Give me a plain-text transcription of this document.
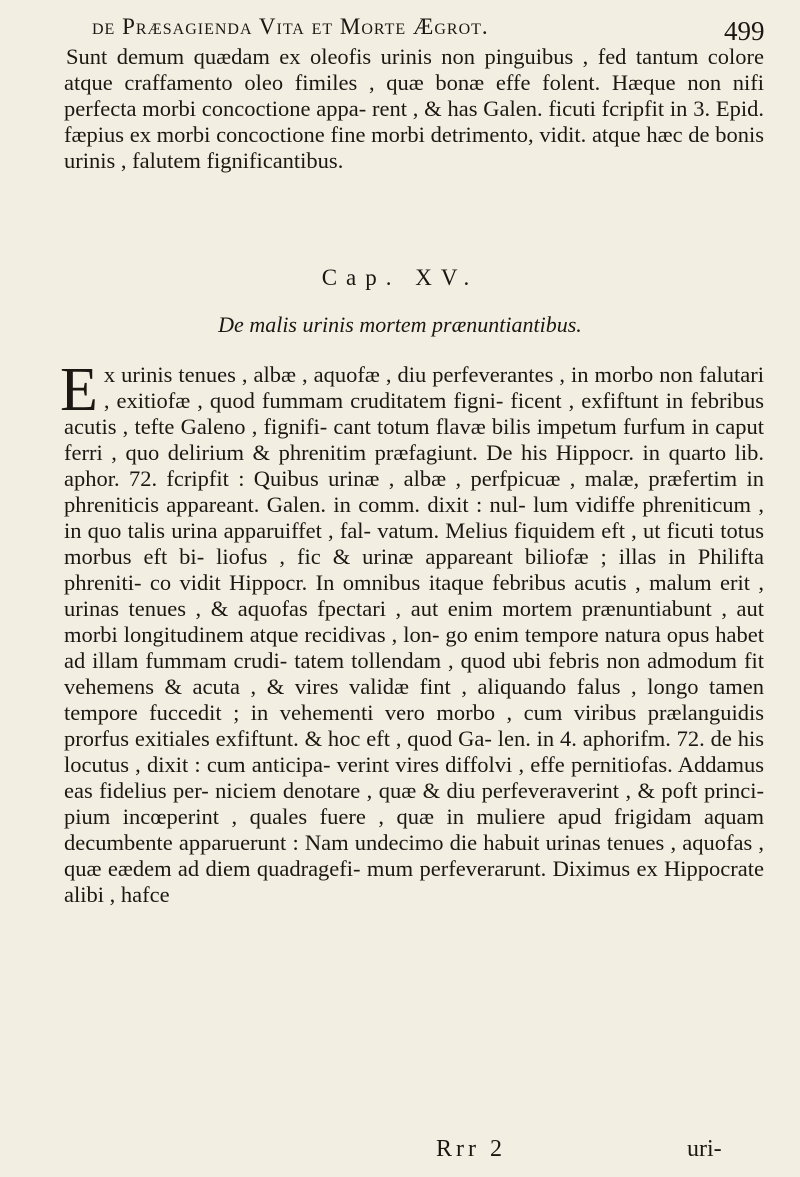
de Præsagienda Vita et Morte Ægrot.	499
Sunt demum quædam ex oleofis urinis non pinguibus , fed tantum colore atque craffamento oleo fimiles , quæ bonæ effe folent. Hæque non nifi perfecta morbi concoctione appa- rent , & has Galen. ficuti fcripfit in 3. Epid. fæpius ex morbi concoctione fine morbi detrimento, vidit. atque hæc de bonis urinis , falutem fignificantibus.
Cap. XV.
De malis urinis mortem prænuntiantibus.
Ex urinis tenues , albæ , aquofæ , diu perfeverantes , in morbo non falutari , exitiofæ , quod fummam cruditatem figni- ficent , exfiftunt in febribus acutis , tefte Galeno , fignifi- cant totum flavæ bilis impetum furfum in caput ferri , quo delirium & phrenitim præfagiunt. De his Hippocr. in quarto lib. aphor. 72. fcripfit : Quibus urinæ , albæ , perfpicuæ , malæ, præfertim in phreniticis appareant. Galen. in comm. dixit : nul- lum vidiffe phreniticum , in quo talis urina apparuiffet , fal- vatum. Melius fiquidem eft , ut ficuti totus morbus eft bi- liofus , fic & urinæ appareant biliofæ ; illas in Philifta phreniti- co vidit Hippocr. In omnibus itaque febribus acutis , malum erit , urinas tenues , & aquofas fpectari , aut enim mortem prænuntiabunt , aut morbi longitudinem atque recidivas , lon- go enim tempore natura opus habet ad illam fummam crudi- tatem tollendam , quod ubi febris non admodum fit vehemens & acuta , & vires validæ fint , aliquando falus , longo tamen tempore fuccedit ; in vehementi vero morbo , cum viribus prælanguidis prorfus exitiales exfiftunt. & hoc eft , quod Ga- len. in 4. aphorifm. 72. de his locutus , dixit : cum anticipa- verint vires diffolvi , effe pernitiofas. Addamus eas fidelius per- niciem denotare , quæ & diu perfeveraverint , & poft princi- pium incœperint , quales fuere , quæ in muliere apud frigidam aquam decumbente apparuerunt : Nam undecimo die habuit urinas tenues , aquofas , quæ eædem ad diem quadragefi- mum perfeverarunt. Diximus ex Hippocrate alibi , hafce
Rrr 2	uri-
